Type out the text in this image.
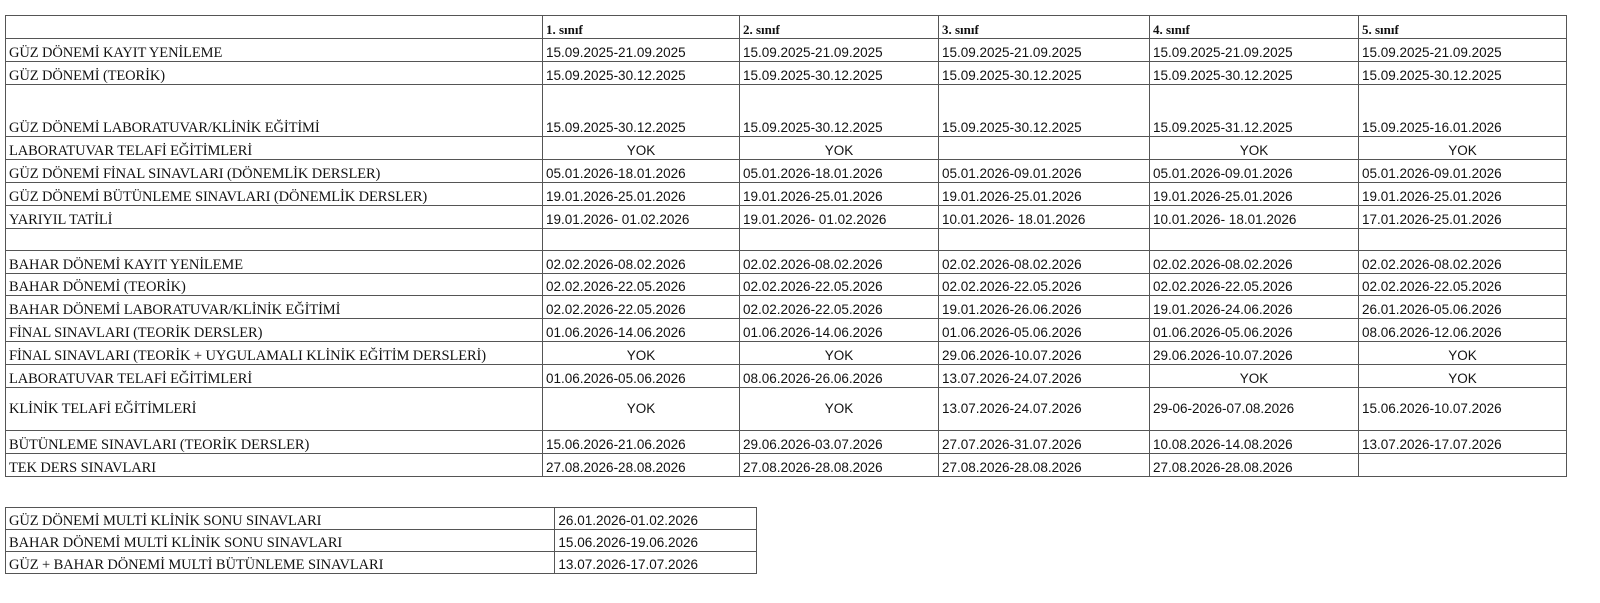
	1. sınıf	2. sınıf	3. sınıf	4. sınıf	5. sınıf
GÜZ DÖNEMİ KAYIT YENİLEME	15.09.2025-21.09.2025	15.09.2025-21.09.2025	15.09.2025-21.09.2025	15.09.2025-21.09.2025	15.09.2025-21.09.2025
GÜZ DÖNEMİ (TEORİK)	15.09.2025-30.12.2025	15.09.2025-30.12.2025	15.09.2025-30.12.2025	15.09.2025-30.12.2025	15.09.2025-30.12.2025
GÜZ DÖNEMİ LABORATUVAR/KLİNİK EĞİTİMİ	15.09.2025-30.12.2025	15.09.2025-30.12.2025	15.09.2025-30.12.2025	15.09.2025-31.12.2025	15.09.2025-16.01.2026
LABORATUVAR TELAFİ EĞİTİMLERİ	YOK	YOK		YOK	YOK
GÜZ DÖNEMİ FİNAL SINAVLARI (DÖNEMLİK DERSLER)	05.01.2026-18.01.2026	05.01.2026-18.01.2026	05.01.2026-09.01.2026	05.01.2026-09.01.2026	05.01.2026-09.01.2026
GÜZ DÖNEMİ BÜTÜNLEME SINAVLARI (DÖNEMLİK DERSLER)	19.01.2026-25.01.2026	19.01.2026-25.01.2026	19.01.2026-25.01.2026	19.01.2026-25.01.2026	19.01.2026-25.01.2026
YARIYIL TATİLİ	19.01.2026- 01.02.2026	19.01.2026- 01.02.2026	10.01.2026- 18.01.2026	10.01.2026- 18.01.2026	17.01.2026-25.01.2026

BAHAR DÖNEMİ KAYIT YENİLEME	02.02.2026-08.02.2026	02.02.2026-08.02.2026	02.02.2026-08.02.2026	02.02.2026-08.02.2026	02.02.2026-08.02.2026
BAHAR DÖNEMİ (TEORİK)	02.02.2026-22.05.2026	02.02.2026-22.05.2026	02.02.2026-22.05.2026	02.02.2026-22.05.2026	02.02.2026-22.05.2026
BAHAR DÖNEMİ LABORATUVAR/KLİNİK EĞİTİMİ	02.02.2026-22.05.2026	02.02.2026-22.05.2026	19.01.2026-26.06.2026	19.01.2026-24.06.2026	26.01.2026-05.06.2026
FİNAL SINAVLARI (TEORİK DERSLER)	01.06.2026-14.06.2026	01.06.2026-14.06.2026	01.06.2026-05.06.2026	01.06.2026-05.06.2026	08.06.2026-12.06.2026
FİNAL SINAVLARI (TEORİK + UYGULAMALI KLİNİK EĞİTİM DERSLERİ)	YOK	YOK	29.06.2026-10.07.2026	29.06.2026-10.07.2026	YOK
LABORATUVAR TELAFİ EĞİTİMLERİ	01.06.2026-05.06.2026	08.06.2026-26.06.2026	13.07.2026-24.07.2026	YOK	YOK
KLİNİK TELAFİ EĞİTİMLERİ	YOK	YOK	13.07.2026-24.07.2026	29-06-2026-07.08.2026	15.06.2026-10.07.2026
BÜTÜNLEME SINAVLARI (TEORİK DERSLER)	15.06.2026-21.06.2026	29.06.2026-03.07.2026	27.07.2026-31.07.2026	10.08.2026-14.08.2026	13.07.2026-17.07.2026
TEK DERS SINAVLARI	27.08.2026-28.08.2026	27.08.2026-28.08.2026	27.08.2026-28.08.2026	27.08.2026-28.08.2026	
GÜZ DÖNEMİ MULTİ KLİNİK SONU SINAVLARI	26.01.2026-01.02.2026
BAHAR DÖNEMİ MULTİ KLİNİK SONU SINAVLARI	15.06.2026-19.06.2026
GÜZ + BAHAR DÖNEMİ MULTİ BÜTÜNLEME SINAVLARI	13.07.2026-17.07.2026
